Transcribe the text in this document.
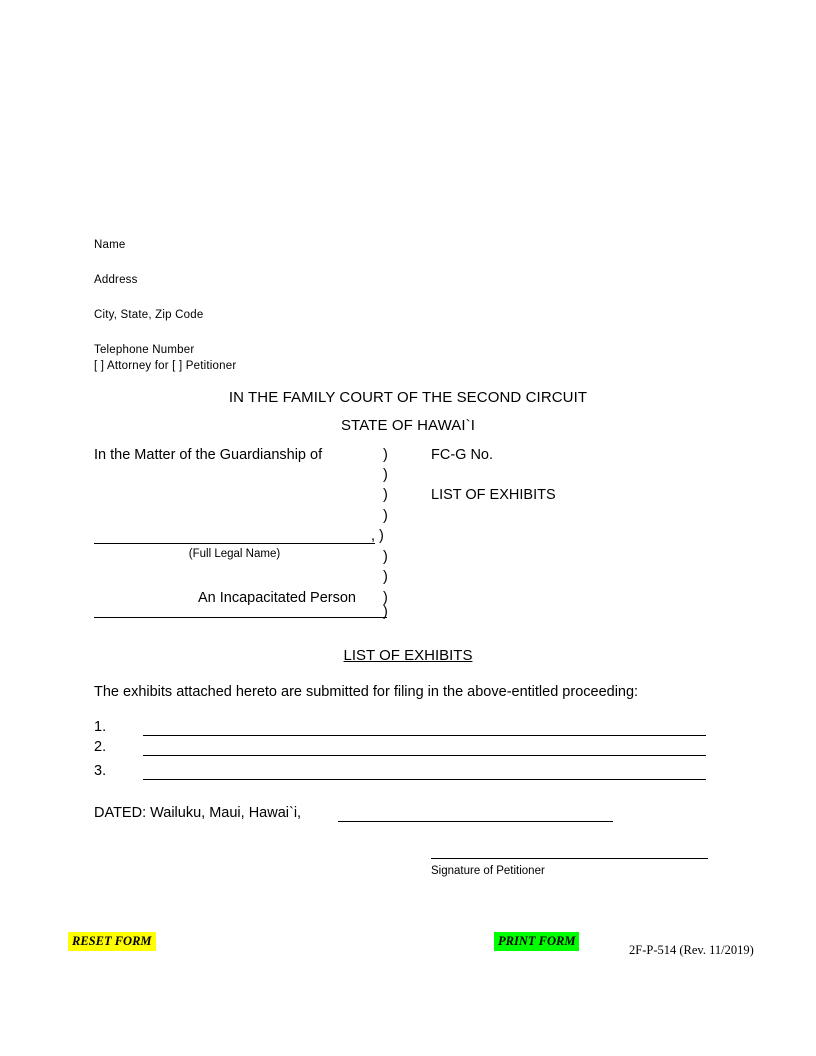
Name
Address
City, State, Zip Code
Telephone Number
[ ] Attorney for [ ] Petitioner
IN THE FAMILY COURT OF THE SECOND CIRCUIT
STATE OF HAWAI`I
In the Matter of the Guardianship of	)
)
)
)
, )
)
)
)
)
(Full Legal Name)
An Incapacitated Person
FC-G No.
LIST OF EXHIBITS
LIST OF EXHIBITS
The exhibits attached hereto are submitted for filing in the above-entitled proceeding:
1.
2.
3.
DATED: Wailuku, Maui, Hawai`i,
Signature of Petitioner
RESET FORM	PRINT FORM
2F-P-514 (Rev. 11/2019)
